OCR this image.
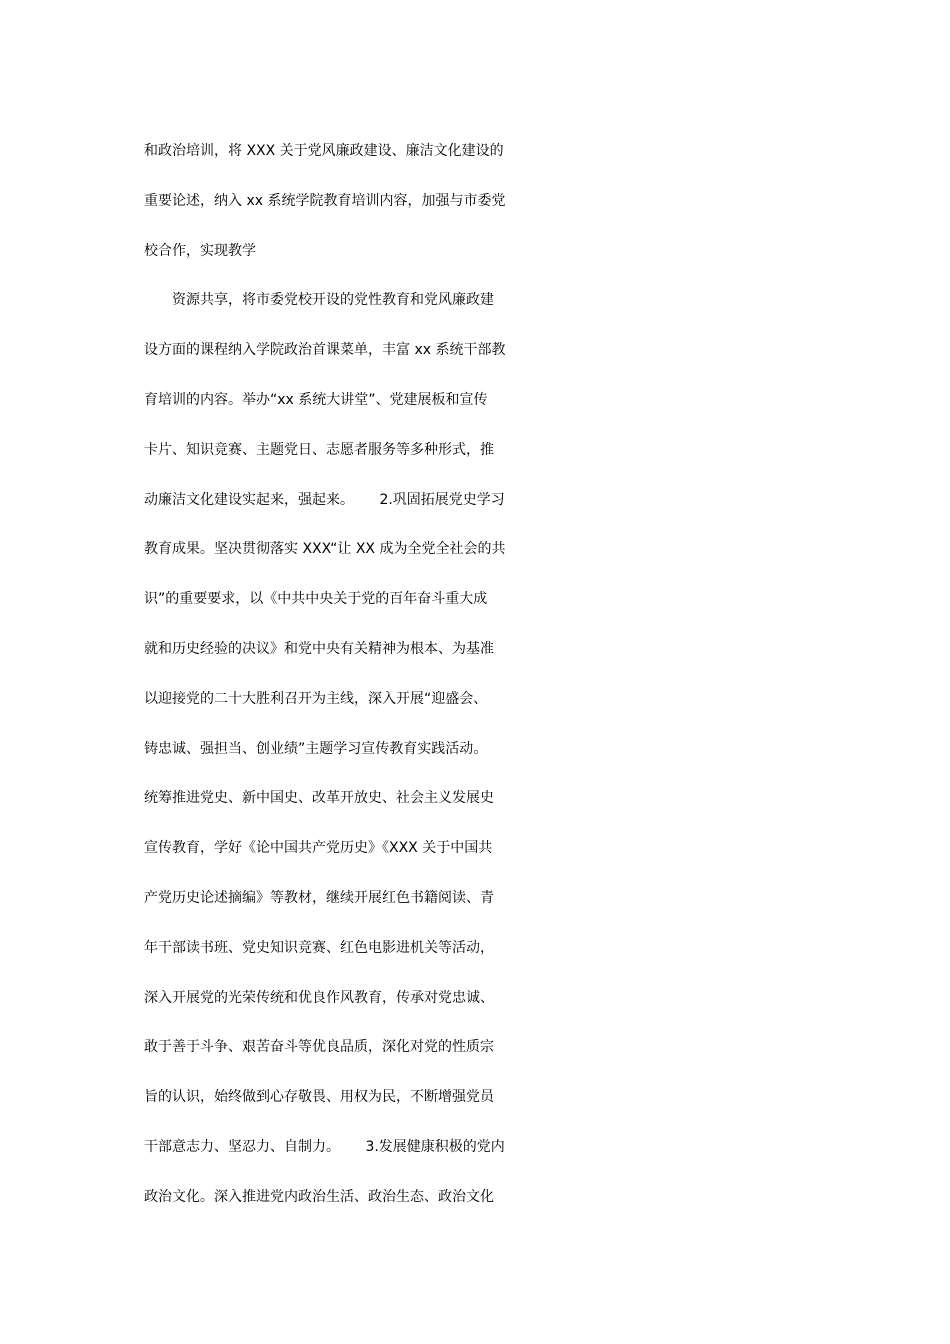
和政治培训，将 XXX 关于党风廉政建设、廉洁文化建设的
重要论述，纳入 xx 系统学院教育培训内容，加强与市委党
校合作，实现教学
　　资源共享，将市委党校开设的党性教育和党风廉政建
设方面的课程纳入学院政治首课菜单，丰富 xx 系统干部教
育培训的内容。举办“xx 系统大讲堂”、党建展板和宣传
卡片、知识竞赛、主题党日、志愿者服务等多种形式，推
动廉洁文化建设实起来，强起来。　　 2.巩固拓展党史学习
教育成果。坚决贯彻落实 XXX“让 XX 成为全党全社会的共
识”的重要要求，以《中共中央关于党的百年奋斗重大成
就和历史经验的决议》和党中央有关精神为根本、为基准
以迎接党的二十大胜利召开为主线，深入开展“迎盛会、
铸忠诚、强担当、创业绩”主题学习宣传教育实践活动。
统筹推进党史、新中国史、改革开放史、社会主义发展史
宣传教育，学好《论中国共产党历史》《XXX 关于中国共
产党历史论述摘编》等教材，继续开展红色书籍阅读、青
年干部读书班、党史知识竞赛、红色电影进机关等活动，
深入开展党的光荣传统和优良作风教育，传承对党忠诚、
敢于善于斗争、艰苦奋斗等优良品质，深化对党的性质宗
旨的认识，始终做到心存敬畏、用权为民，不断增强党员
干部意志力、坚忍力、自制力。　　 3.发展健康积极的党内
政治文化。深入推进党内政治生活、政治生态、政治文化
